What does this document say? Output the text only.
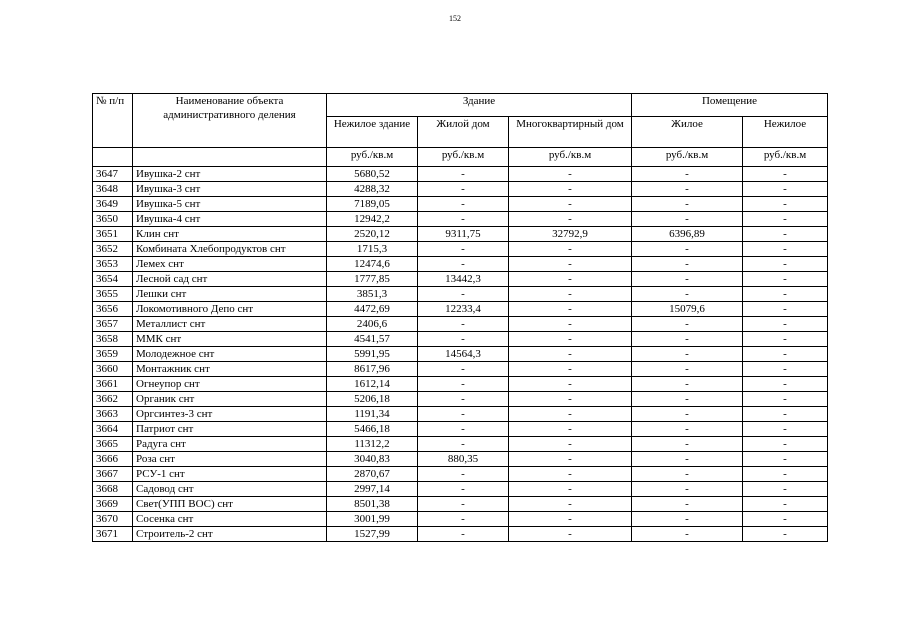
152
№ п/п	Наименование объекта административного деления	Здание			Помещение	
		Нежилое здание	Жилой дом	Многоквартирный дом	Жилое	Нежилое
		руб./кв.м	руб./кв.м	руб./кв.м	руб./кв.м	руб./кв.м
3647	Ивушка-2 снт	5680,52	-	-	-	-
3648	Ивушка-3 снт	4288,32	-	-	-	-
3649	Ивушка-5 снт	7189,05	-	-	-	-
3650	Ивушка-4 снт	12942,2	-	-	-	-
3651	Клин снт	2520,12	9311,75	32792,9	6396,89	-
3652	Комбината Хлебопродуктов снт	1715,3	-	-	-	-
3653	Лемех снт	12474,6	-	-	-	-
3654	Лесной сад снт	1777,85	13442,3	-	-	-
3655	Лешки снт	3851,3	-	-	-	-
3656	Локомотивного Депо снт	4472,69	12233,4	-	15079,6	-
3657	Металлист снт	2406,6	-	-	-	-
3658	ММК снт	4541,57	-	-	-	-
3659	Молодежное снт	5991,95	14564,3	-	-	-
3660	Монтажник снт	8617,96	-	-	-	-
3661	Огнеупор снт	1612,14	-	-	-	-
3662	Органик снт	5206,18	-	-	-	-
3663	Оргсинтез-3 снт	1191,34	-	-	-	-
3664	Патриот снт	5466,18	-	-	-	-
3665	Радуга снт	11312,2	-	-	-	-
3666	Роза снт	3040,83	880,35	-	-	-
3667	РСУ-1 снт	2870,67	-	-	-	-
3668	Садовод снт	2997,14	-	-	-	-
3669	Свет(УПП ВОС) снт	8501,38	-	-	-	-
3670	Сосенка снт	3001,99	-	-	-	-
3671	Строитель-2 снт	1527,99	-	-	-	-
